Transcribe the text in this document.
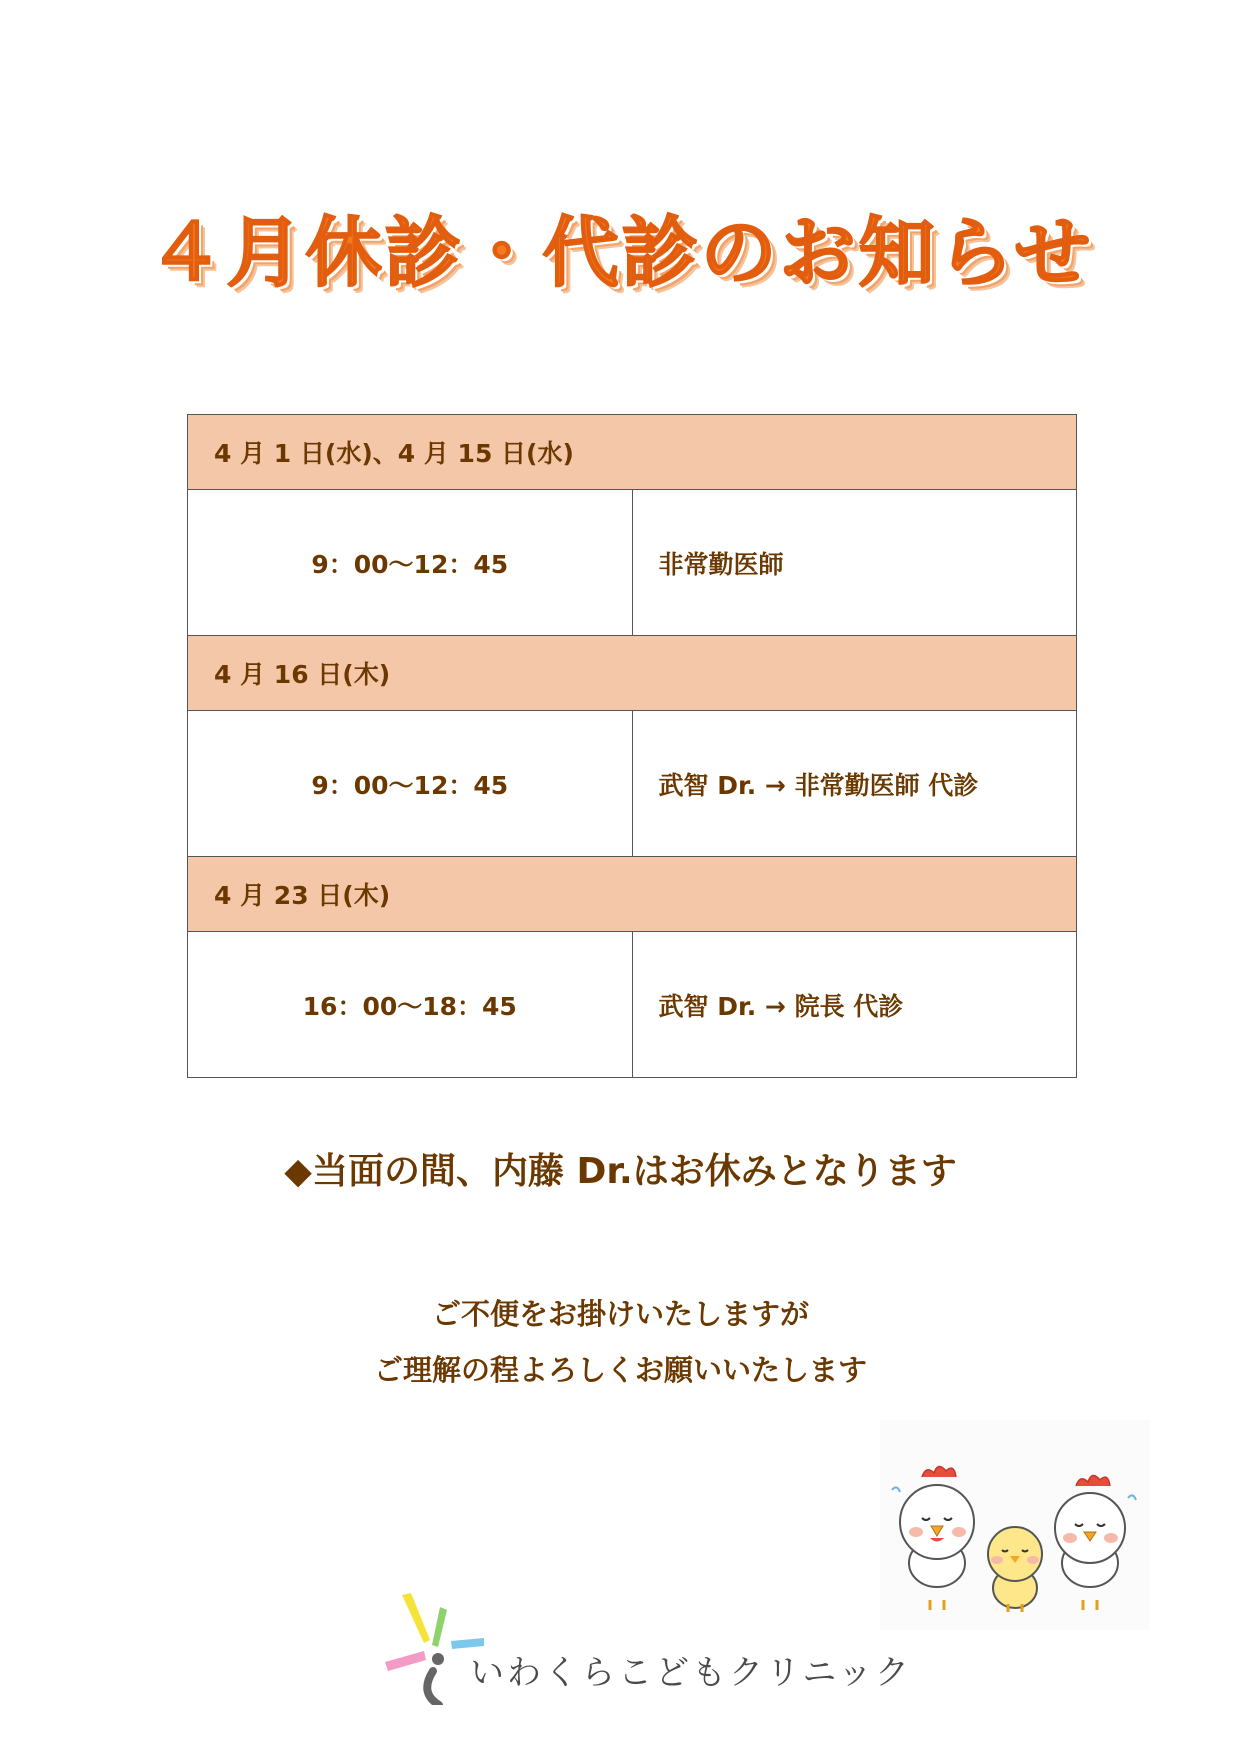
４月休診・代診のお知らせ
4 月 1 日(水)、4 月 15 日(水)	
9：00～12：45	非常勤医師
4 月 16 日(木)	
9：00～12：45	武智 Dr. → 非常勤医師 代診
4 月 23 日(木)	
16：00～18：45	武智 Dr. → 院長 代診
◆当面の間、内藤 Dr.はお休みとなります
ご不便をお掛けいたしますが
ご理解の程よろしくお願いいたします
いわくらこどもクリニック
